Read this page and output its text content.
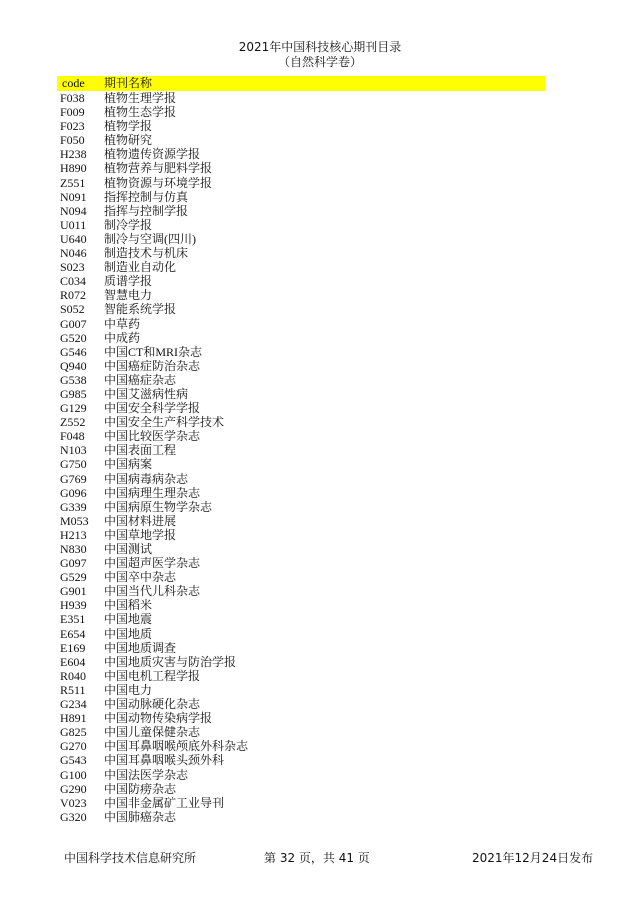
2021年中国科技核心期刊目录
（自然科学卷）
code 期刊名称
F038 植物生理学报
F009 植物生态学报
F023 植物学报
F050 植物研究
H238 植物遗传资源学报
H890 植物营养与肥料学报
Z551 植物资源与环境学报
N091 指挥控制与仿真
N094 指挥与控制学报
U011 制冷学报
U640 制冷与空调(四川)
N046 制造技术与机床
S023 制造业自动化
C034 质谱学报
R072 智慧电力
S052 智能系统学报
G007 中草药
G520 中成药
G546 中国CT和MRI杂志
Q940 中国癌症防治杂志
G538 中国癌症杂志
G985 中国艾滋病性病
G129 中国安全科学学报
Z552 中国安全生产科学技术
F048 中国比较医学杂志
N103 中国表面工程
G750 中国病案
G769 中国病毒病杂志
G096 中国病理生理杂志
G339 中国病原生物学杂志
M053 中国材料进展
H213 中国草地学报
N830 中国测试
G097 中国超声医学杂志
G529 中国卒中杂志
G901 中国当代儿科杂志
H939 中国稻米
E351 中国地震
E654 中国地质
E169 中国地质调查
E604 中国地质灾害与防治学报
R040 中国电机工程学报
R511 中国电力
G234 中国动脉硬化杂志
H891 中国动物传染病学报
G825 中国儿童保健杂志
G270 中国耳鼻咽喉颅底外科杂志
G543 中国耳鼻咽喉头颈外科
G100 中国法医学杂志
G290 中国防痨杂志
V023 中国非金属矿工业导刊
G320 中国肺癌杂志
中国科学技术信息研究所	第 32 页，共 41 页	2021年12月24日发布
